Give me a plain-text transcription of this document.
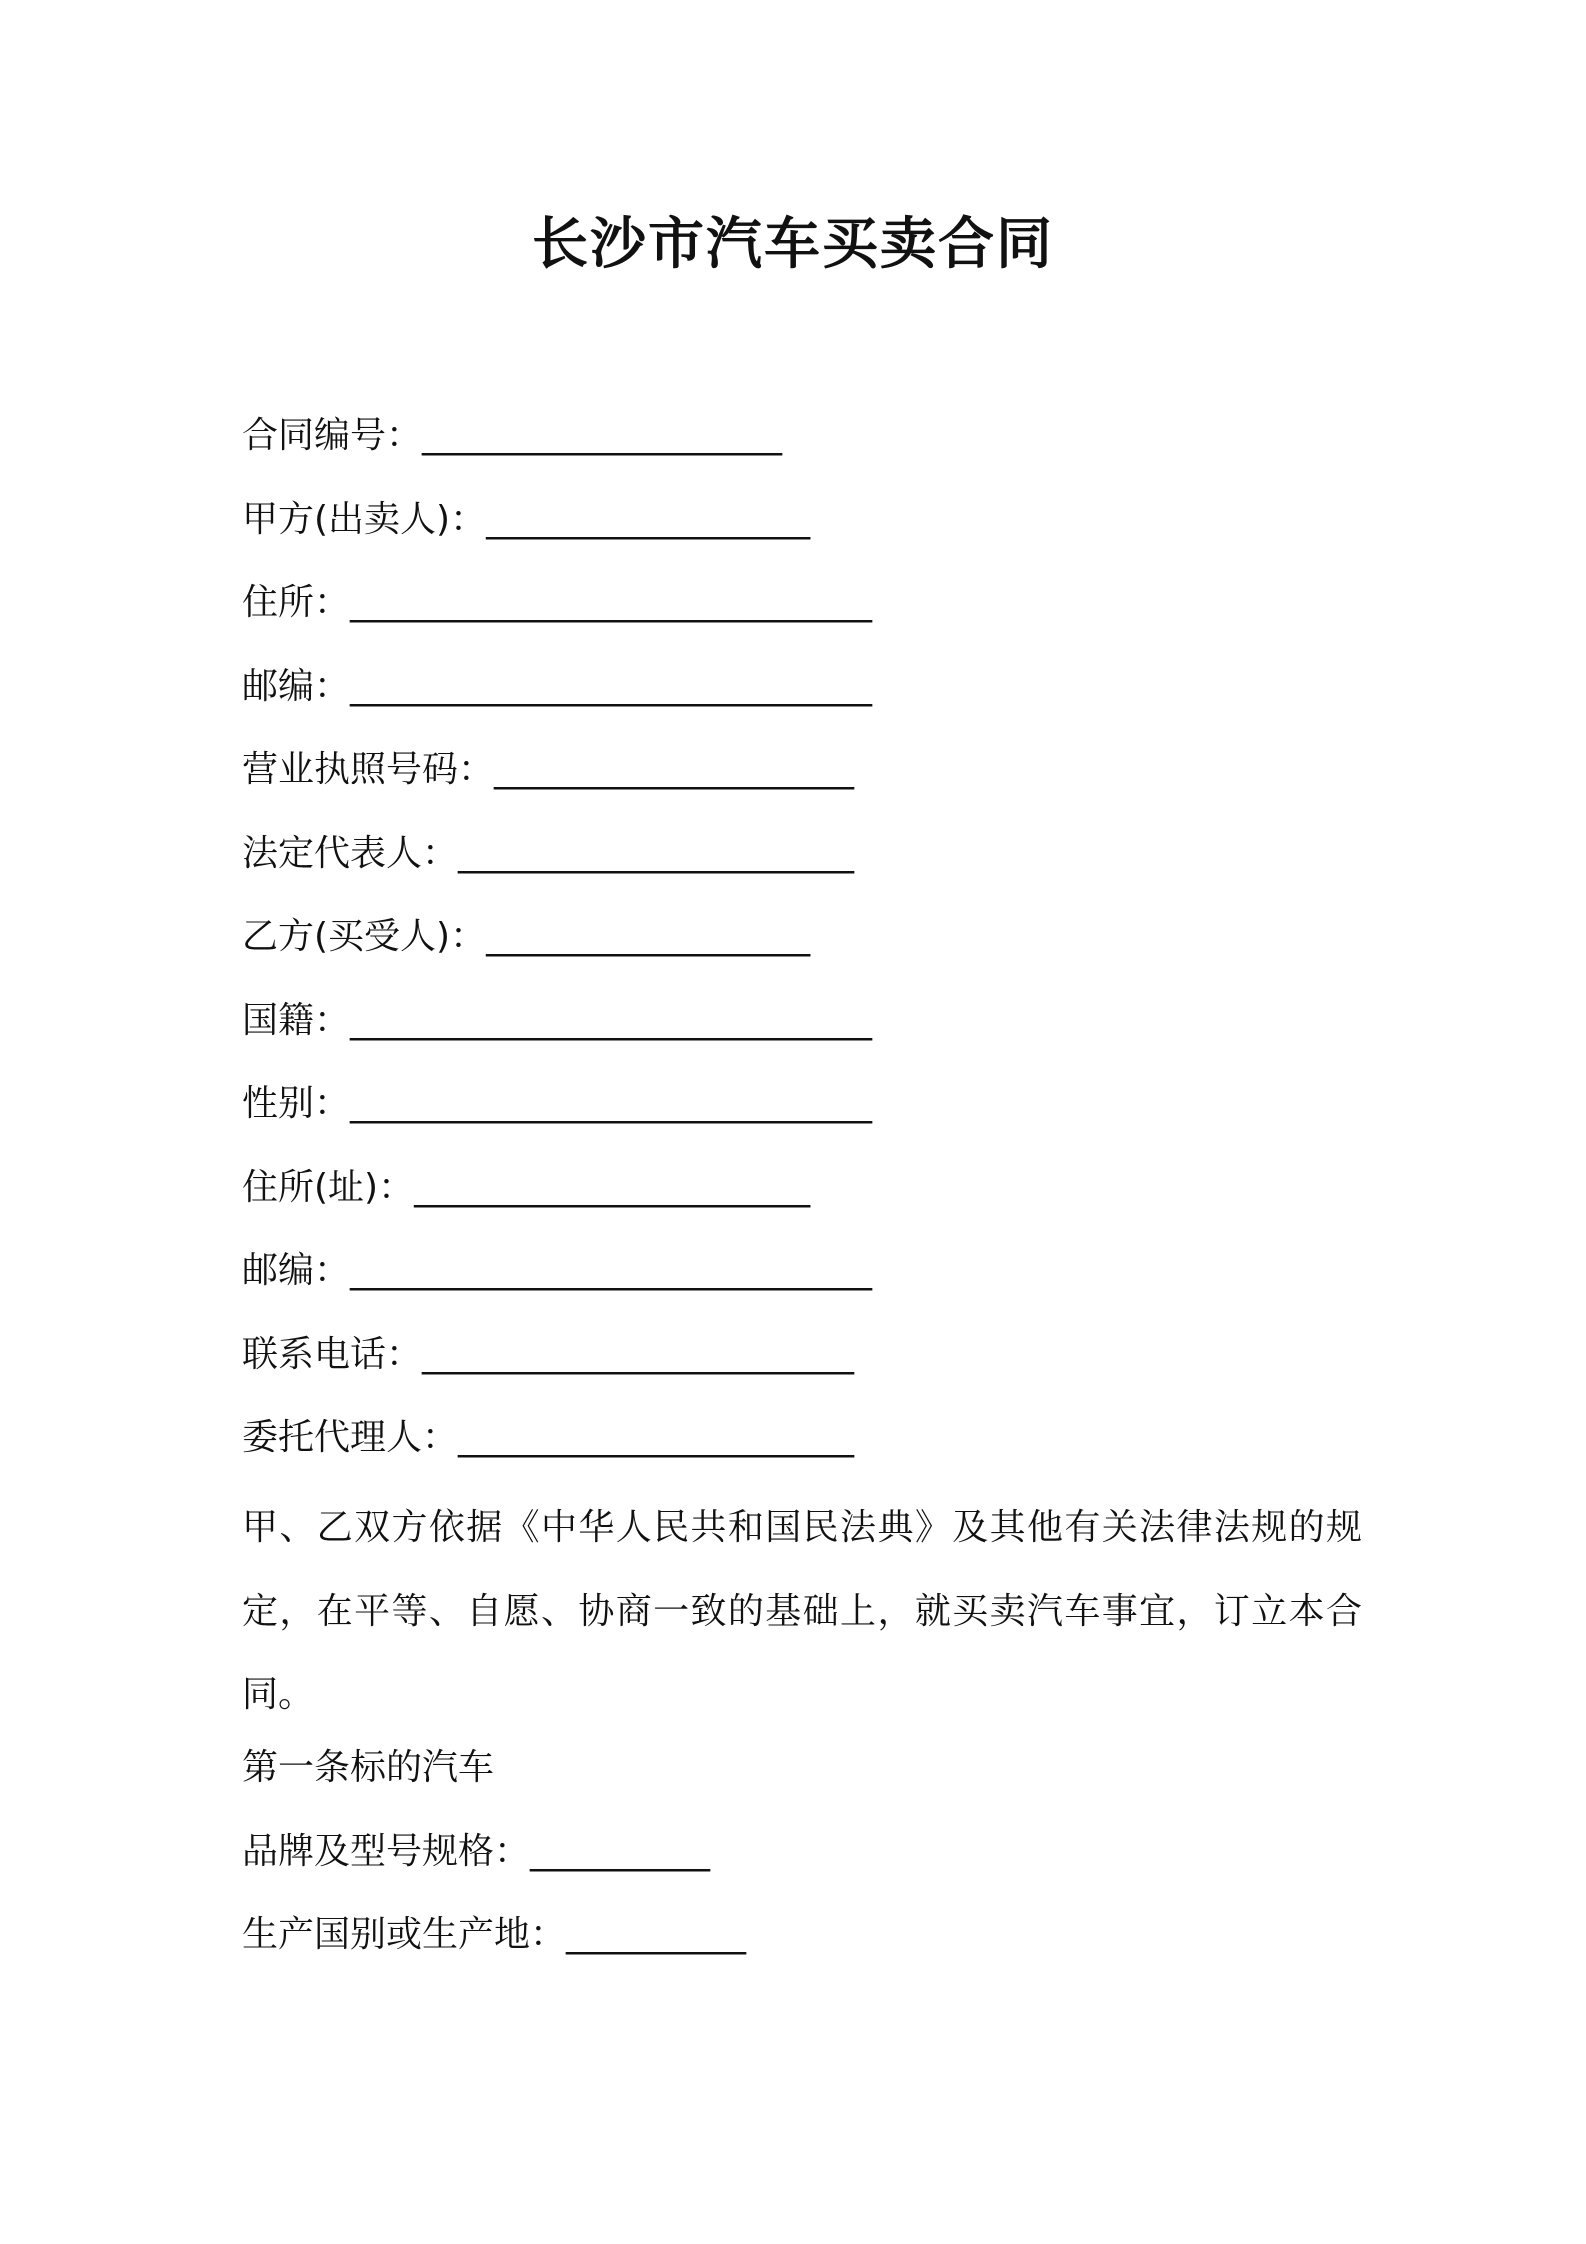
长沙市汽车买卖合同
合同编号：____________________
甲方(出卖人)：__________________
住所：_____________________________
邮编：_____________________________
营业执照号码：____________________
法定代表人：______________________
乙方(买受人)：__________________
国籍：_____________________________
性别：_____________________________
住所(址)：______________________
邮编：_____________________________
联系电话：________________________
委托代理人：______________________
甲、乙双方依据《中华人民共和国民法典》及其他有关法律法规的规定，在平等、自愿、协商一致的基础上，就买卖汽车事宜，订立本合同。
第一条标的汽车
品牌及型号规格：__________
生产国别或生产地：__________
